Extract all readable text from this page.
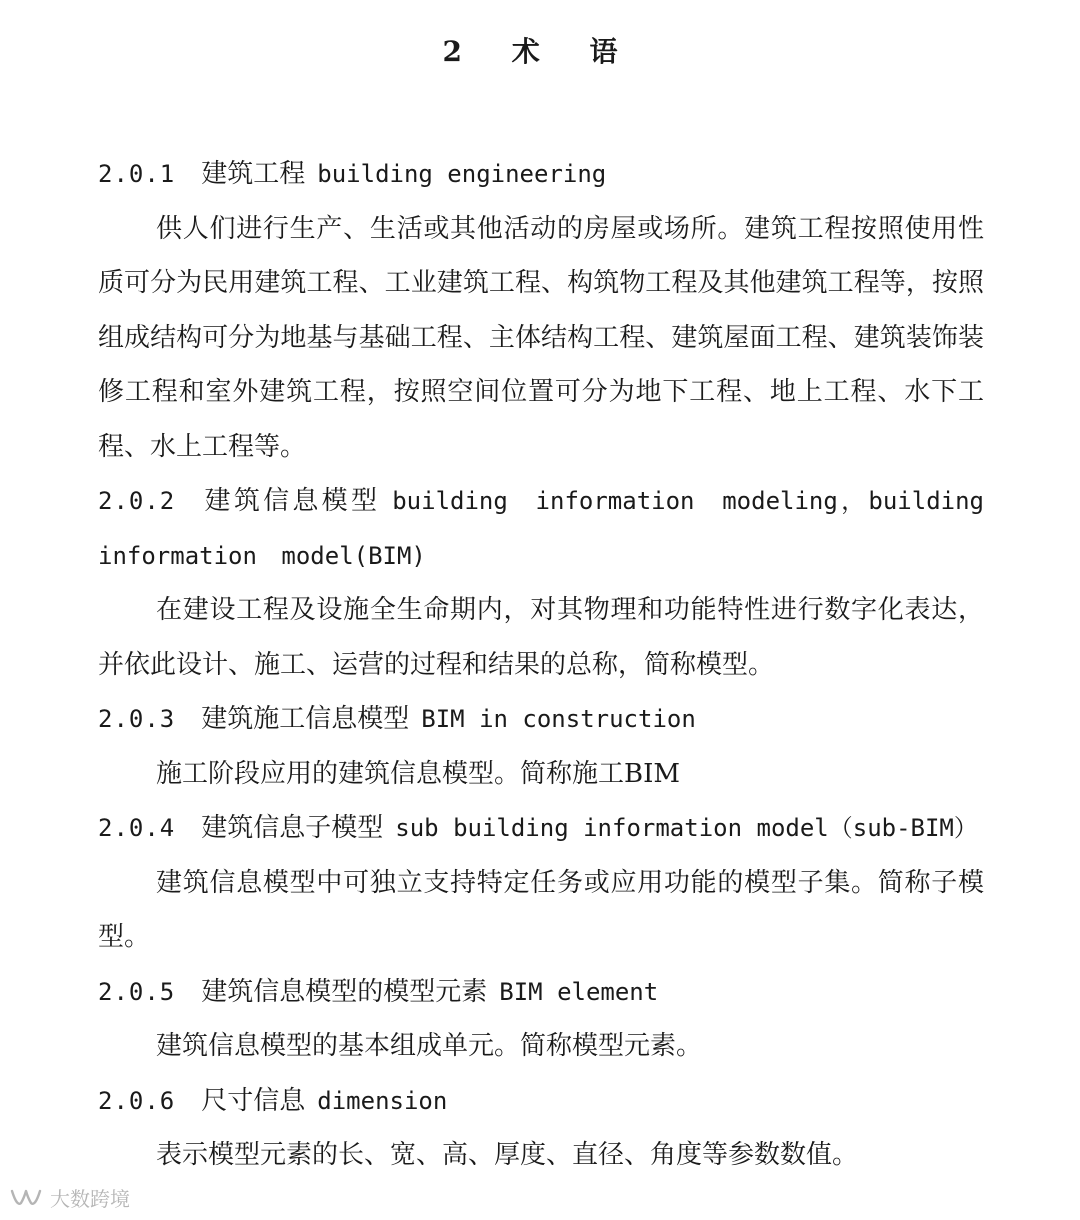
2 术 语
2.0.1 建筑工程 building engineering
供人们进行生产、生活或其他活动的房屋或场所。建筑工程按照使用性质可分为民用建筑工程、工业建筑工程、构筑物工程及其他建筑工程等，按照组成结构可分为地基与基础工程、主体结构工程、建筑屋面工程、建筑装饰装修工程和室外建筑工程，按照空间位置可分为地下工程、地上工程、水下工程、水上工程等。
2.0.2 建筑信息模型 building information modeling，building information model(BIM)
在建设工程及设施全生命期内，对其物理和功能特性进行数字化表达，并依此设计、施工、运营的过程和结果的总称，简称模型。
2.0.3 建筑施工信息模型 BIM in construction
施工阶段应用的建筑信息模型。简称施工BIM
2.0.4 建筑信息子模型 sub building information model（sub-BIM）
建筑信息模型中可独立支持特定任务或应用功能的模型子集。简称子模型。
2.0.5 建筑信息模型的模型元素 BIM element
建筑信息模型的基本组成单元。简称模型元素。
2.0.6 尺寸信息 dimension
表示模型元素的长、宽、高、厚度、直径、角度等参数数值。
大数跨境
